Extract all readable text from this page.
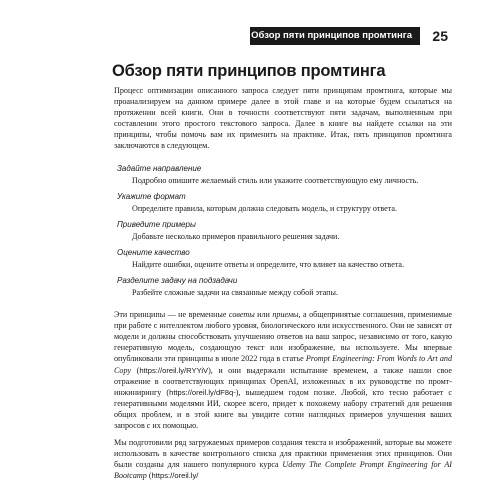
Обзор пяти принципов промтинга	25
Обзор пяти принципов промтинга

Процесс оптимизации описанного запроса следует пяти принципам промтинга, которые мы проанализируем на данном примере далее в этой главе и на которые будем ссылаться на протяжении всей книги. Они в точности соответствуют пяти задачам, выполненным при составлении этого простого текстового запроса. Далее в книге вы найдете ссылки на эти принципы, чтобы помочь вам их применить на практике. Итак, пять принципов промтинга заключаются в следующем.

Задайте направление
Подробно опишите желаемый стиль или укажите соответствующую ему личность.
Укажите формат
Определите правила, которым должна следовать модель, и структуру ответа.
Приведите примеры
Добавьте несколько примеров правильного решения задачи.
Оцените качество
Найдите ошибки, оцените ответы и определите, что влияет на качество ответа.
Разделите задачу на подзадачи
Разбейте сложные задачи на связанные между собой этапы.

Эти принципы — не временные советы или приемы, а общепринятые соглашения, применимые при работе с интеллектом любого уровня, биологического или искусственного. Они не зависят от модели и должны способствовать улучшению ответов на ваш запрос, независимо от того, какую генеративную модель, создающую текст или изображение, вы используете. Мы впервые опубликовали эти принципы в июле 2022 года в статье Prompt Engineering: From Words to Art and Copy (https://oreil.ly/RYYiV), и они выдержали испытание временем, а также нашли свое отражение в соответствующих принципах OpenAI, изложенных в их руководстве по промт-инжинирингу (https://oreil.ly/dF8q-), вышедшем годом позже. Любой, кто тесно работает с генеративными моделями ИИ, скорее всего, придет к похожему набору стратегий для решения общих проблем, и в этой книге вы увидите сотни наглядных примеров улучшения ваших запросов с их помощью.

Мы подготовили ряд загружаемых примеров создания текста и изображений, которые вы можете использовать в качестве контрольного списка для практики применения этих принципов. Они были созданы для нашего популярного курса Udemy The Complete Prompt Engineering for AI Bootcamp (https://oreil.ly/
